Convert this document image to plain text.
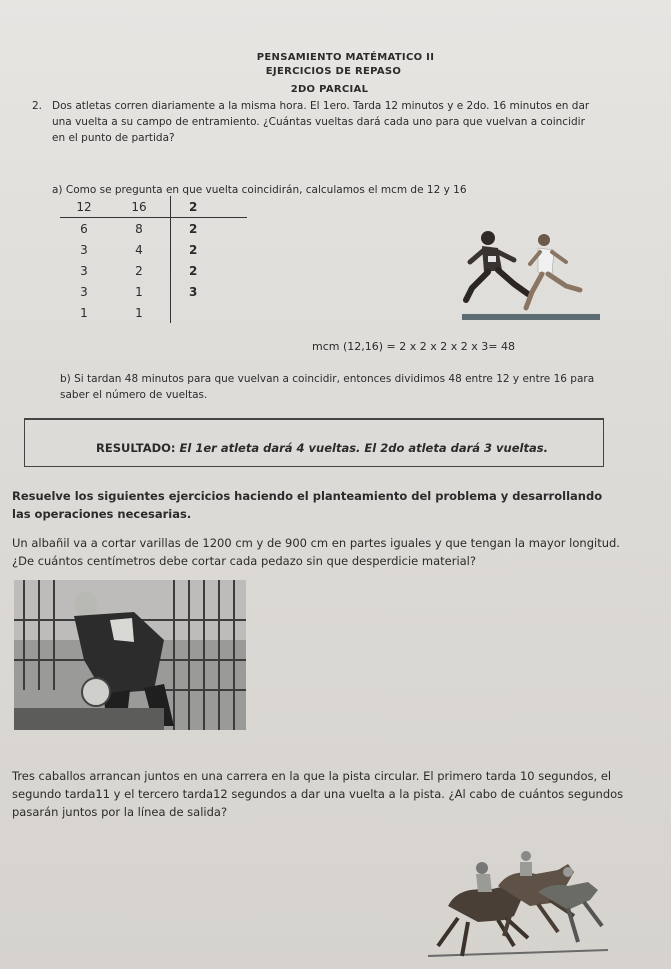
PENSAMIENTO MATÉMATICO II
EJERCICIOS DE REPASO
2DO PARCIAL
2. Dos atletas corren diariamente a la misma hora. El 1ero. Tarda 12 minutos y e 2do. 16 minutos en dar una vuelta a su campo de entramiento. ¿Cuántas vueltas dará cada uno para que vuelvan a coincidir en el punto de partida?
a) Como se pregunta en que vuelta coincidirán, calculamos el mcm de 12 y 16
12	16	2
6	8	2
3	4	2
3	2	2
3	1	3
1	1	
mcm (12,16) = 2 x 2 x 2 x 2 x 3= 48
b) Si tardan 48 minutos para que vuelvan a coincidir, entonces dividimos 48 entre 12 y entre 16 para saber el número de vueltas.
RESULTADO: El 1er atleta dará 4 vueltas. El 2do atleta dará 3 vueltas.
Resuelve los siguientes ejercicios haciendo el planteamiento del problema y desarrollando las operaciones necesarias.
Un albañil va a cortar varillas de 1200 cm y de 900 cm en partes iguales y que tengan la mayor longitud. ¿De cuántos centímetros debe cortar cada pedazo sin que desperdicie material?
Tres caballos arrancan juntos en una carrera en la que la pista circular. El primero tarda 10 segundos, el segundo tarda11 y el tercero tarda12 segundos a dar una vuelta a la pista. ¿Al cabo de cuántos segundos pasarán juntos por la línea de salida?
